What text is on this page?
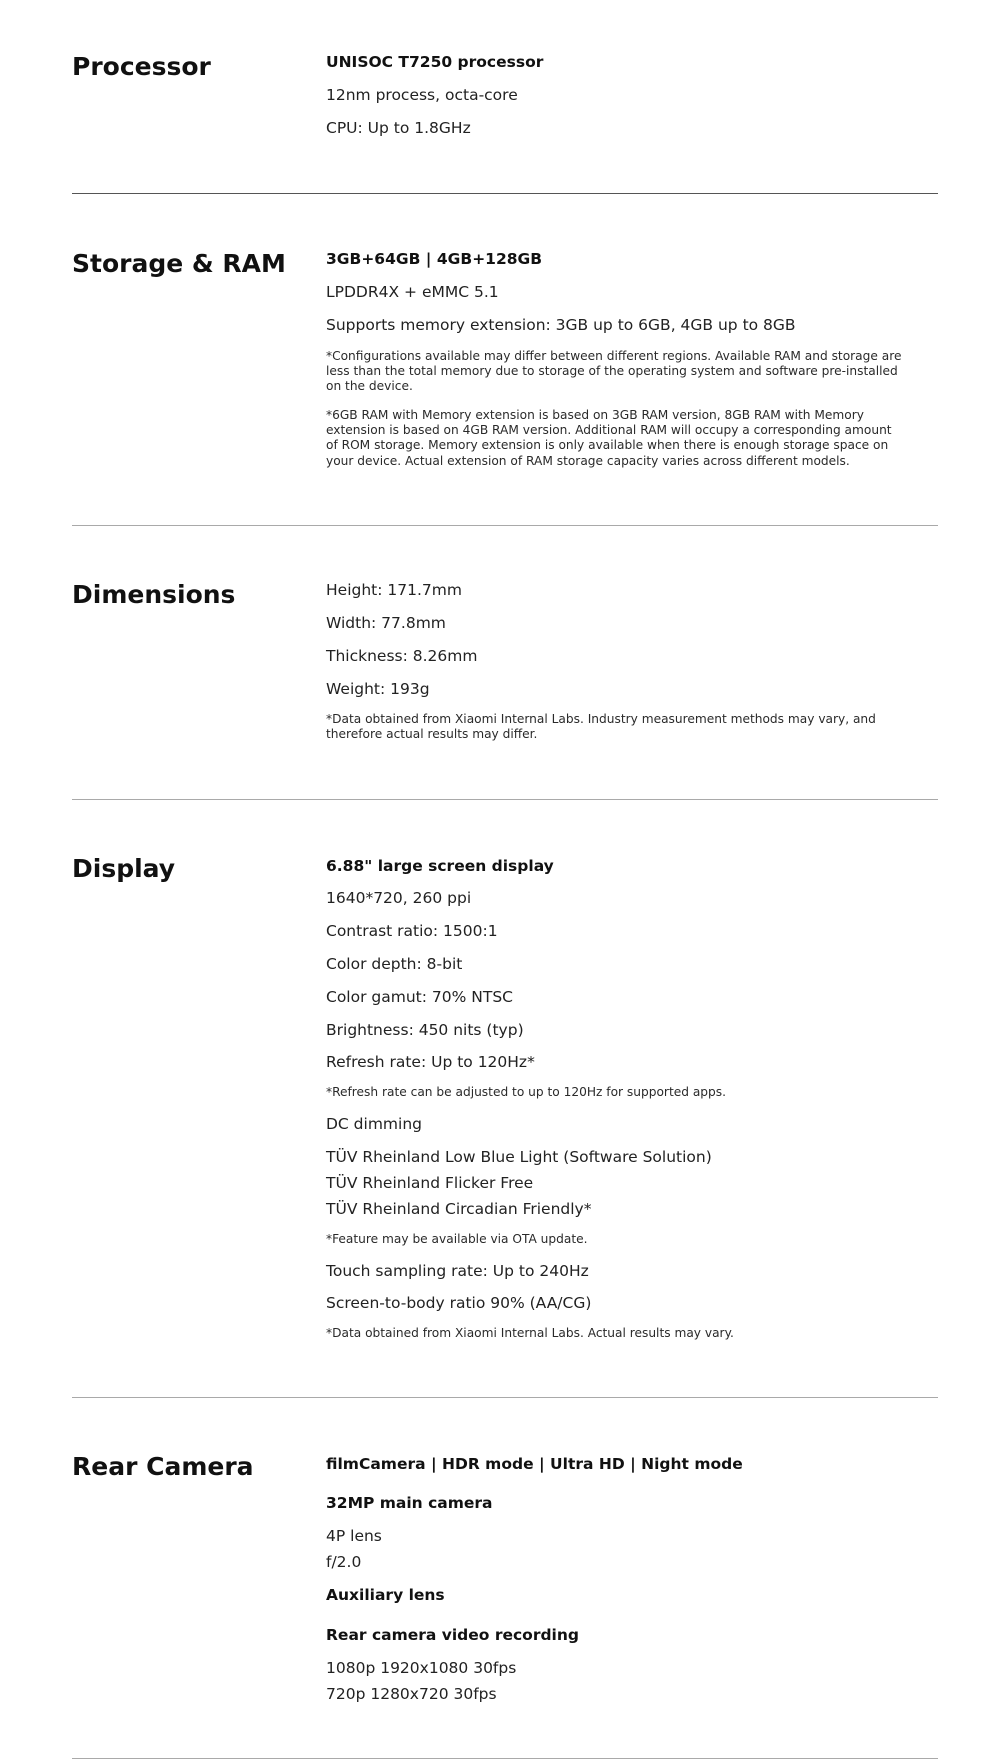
Processor	UNISOC T7250 processor
12nm process, octa-core
CPU: Up to 1.8GHz
Storage & RAM	3GB+64GB | 4GB+128GB
LPDDR4X + eMMC 5.1
Supports memory extension: 3GB up to 6GB, 4GB up to 8GB
*Configurations available may differ between different regions. Available RAM and storage are less than the total memory due to storage of the operating system and software pre-installed on the device.
*6GB RAM with Memory extension is based on 3GB RAM version, 8GB RAM with Memory extension is based on 4GB RAM version. Additional RAM will occupy a corresponding amount of ROM storage. Memory extension is only available when there is enough storage space on your device. Actual extension of RAM storage capacity varies across different models.
Dimensions	Height: 171.7mm
Width: 77.8mm
Thickness: 8.26mm
Weight: 193g
*Data obtained from Xiaomi Internal Labs. Industry measurement methods may vary, and therefore actual results may differ.
Display	6.88" large screen display
1640*720, 260 ppi
Contrast ratio: 1500:1
Color depth: 8-bit
Color gamut: 70% NTSC
Brightness: 450 nits (typ)
Refresh rate: Up to 120Hz*
*Refresh rate can be adjusted to up to 120Hz for supported apps.
DC dimming
TÜV Rheinland Low Blue Light (Software Solution)
TÜV Rheinland Flicker Free
TÜV Rheinland Circadian Friendly*
*Feature may be available via OTA update.
Touch sampling rate: Up to 240Hz
Screen-to-body ratio 90% (AA/CG)
*Data obtained from Xiaomi Internal Labs. Actual results may vary.
Rear Camera	filmCamera | HDR mode | Ultra HD | Night mode
32MP main camera
4P lens
f/2.0
Auxiliary lens
Rear camera video recording
1080p 1920x1080 30fps
720p 1280x720 30fps
